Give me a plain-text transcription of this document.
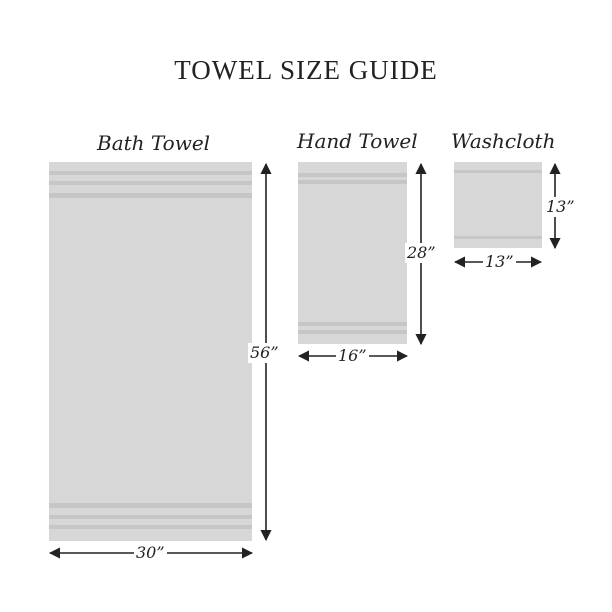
TOWEL SIZE GUIDE
Bath Towel	Hand Towel Washcloth
56”
30”
28”
16”
13”
13”
